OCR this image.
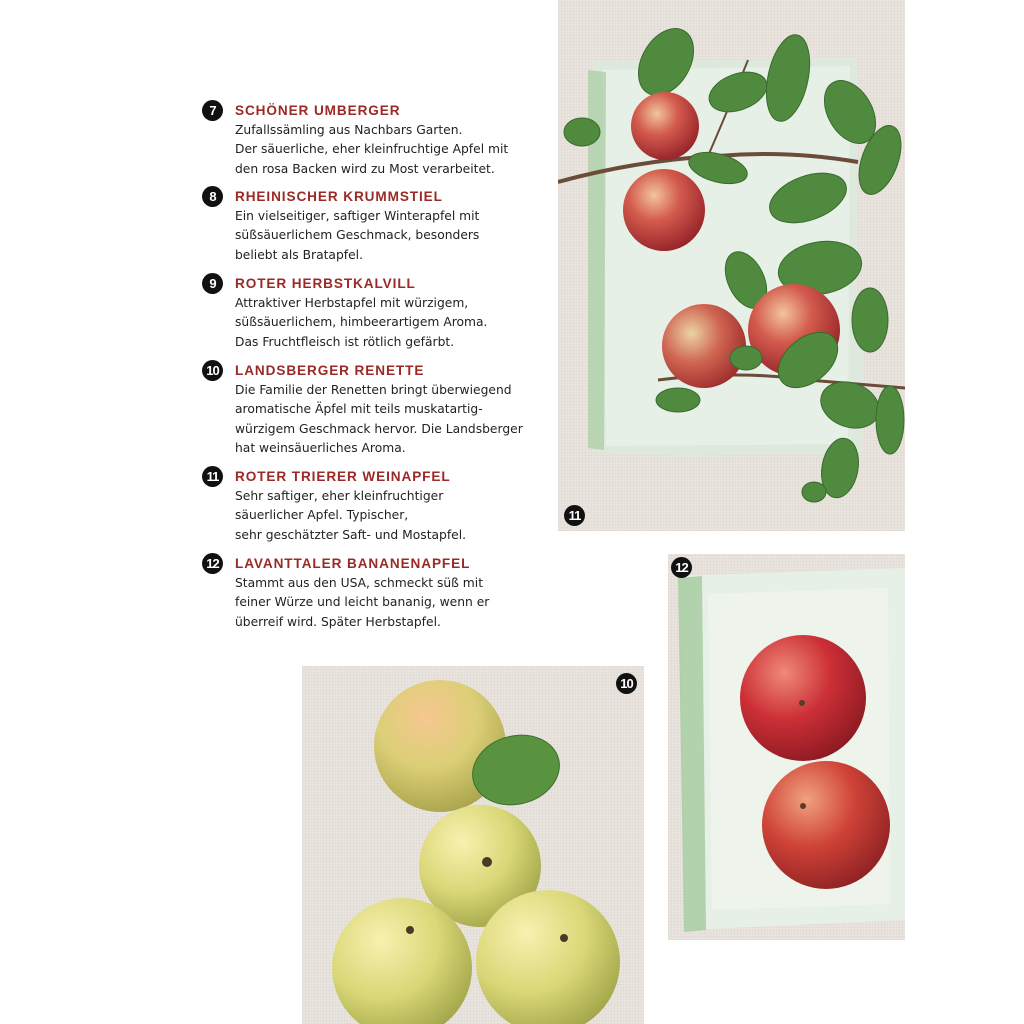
7	SCHÖNER UMBERGER
Zufallssämling aus Nachbars Garten.
Der säuerliche, eher kleinfruchtige Apfel mit
den rosa Backen wird zu Most verarbeitet.
8	RHEINISCHER KRUMMSTIEL
Ein vielseitiger, saftiger Winterapfel mit
süßsäuerlichem Geschmack, besonders
beliebt als Bratapfel.
9	ROTER HERBSTKALVILL
Attraktiver Herbstapfel mit würzigem,
süßsäuerlichem, himbeerartigem Aroma.
Das Fruchtfleisch ist rötlich gefärbt.
10	LANDSBERGER RENETTE
Die Familie der Renetten bringt überwiegend
aromatische Äpfel mit teils muskatartig-
würzigem Geschmack hervor. Die Landsberger
hat weinsäuerliches Aroma.
11	ROTER TRIERER WEINAPFEL
Sehr saftiger, eher kleinfruchtiger
säuerlicher Apfel. Typischer,
sehr geschätzter Saft- und Mostapfel.
12	LAVANTTALER BANANENAPFEL
Stammt aus den USA, schmeckt süß mit
feiner Würze und leicht bananig, wenn er
überreif wird. Später Herbstapfel.
11
12
10
